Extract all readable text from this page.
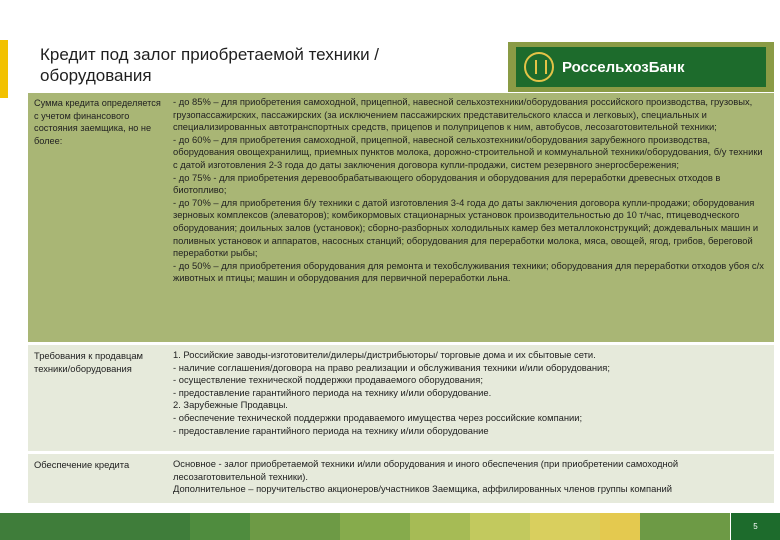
Кредит под залог приобретаемой техники / оборудования	РоссельхозБанк
Сумма кредита определяется с учетом финансового состояния заемщика, но не более:

- до 85% – для приобретения самоходной, прицепной, навесной сельхозтехники/оборудования российского производства, грузовых, грузопассажирских, пассажирских (за исключением пассажирских представительского класса и легковых), специальных и специализированных автотранспортных средств, прицепов и полуприцепов к ним, автобусов, лесозаготовительной техники;

- до 60% – для приобретения самоходной, прицепной, навесной сельхозтехники/оборудования зарубежного производства, оборудования овощехранилищ, приемных пунктов молока, дорожно-строительной и коммунальной техники/оборудования, б/у техники с датой изготовления 2-3 года до даты заключения договора купли-продажи, систем резервного энергосбережения;

- до 75% - для приобретения деревообрабатывающего оборудования и оборудования для переработки древесных отходов в биотопливо;

- до 70% – для приобретения б/у техники с датой изготовления 3-4 года до даты заключения договора купли-продажи; оборудования зерновых комплексов (элеваторов); комбикормовых стационарных установок производительностью до 10 т/час, птицеводческого оборудования; доильных залов (установок); сборно-разборных холодильных камер без металлоконструкций; дождевальных машин и поливных установок и аппаратов, насосных станций; оборудования для переработки молока, мяса, овощей, ягод, грибов, береговой переработки рыбы;

- до 50% – для приобретения оборудования для ремонта и техобслуживания техники; оборудования для переработки отходов убоя с/х животных и птицы; машин и оборудования для первичной переработки льна.

Требования к продавцам техники/оборудования

1. Российские заводы-изготовители/дилеры/дистрибьюторы/ торговые дома и их сбытовые сети.

- наличие соглашения/договора на право реализации и обслуживания техники и/или оборудования;

- осуществление технической поддержки продаваемого оборудования;

- предоставление гарантийного периода на технику и/или оборудование.

2. Зарубежные Продавцы.

- обеспечение технической поддержки продаваемого имущества через российские компании;

- предоставление гарантийного периода на технику и/или оборудование

Обеспечение кредита	Основное - залог приобретаемой техники и/или оборудования и иного обеспечения (при приобретении самоходной лесозаготовительной техники).

Дополнительное – поручительство акционеров/участников Заемщика, аффилированных членов группы компаний

5
